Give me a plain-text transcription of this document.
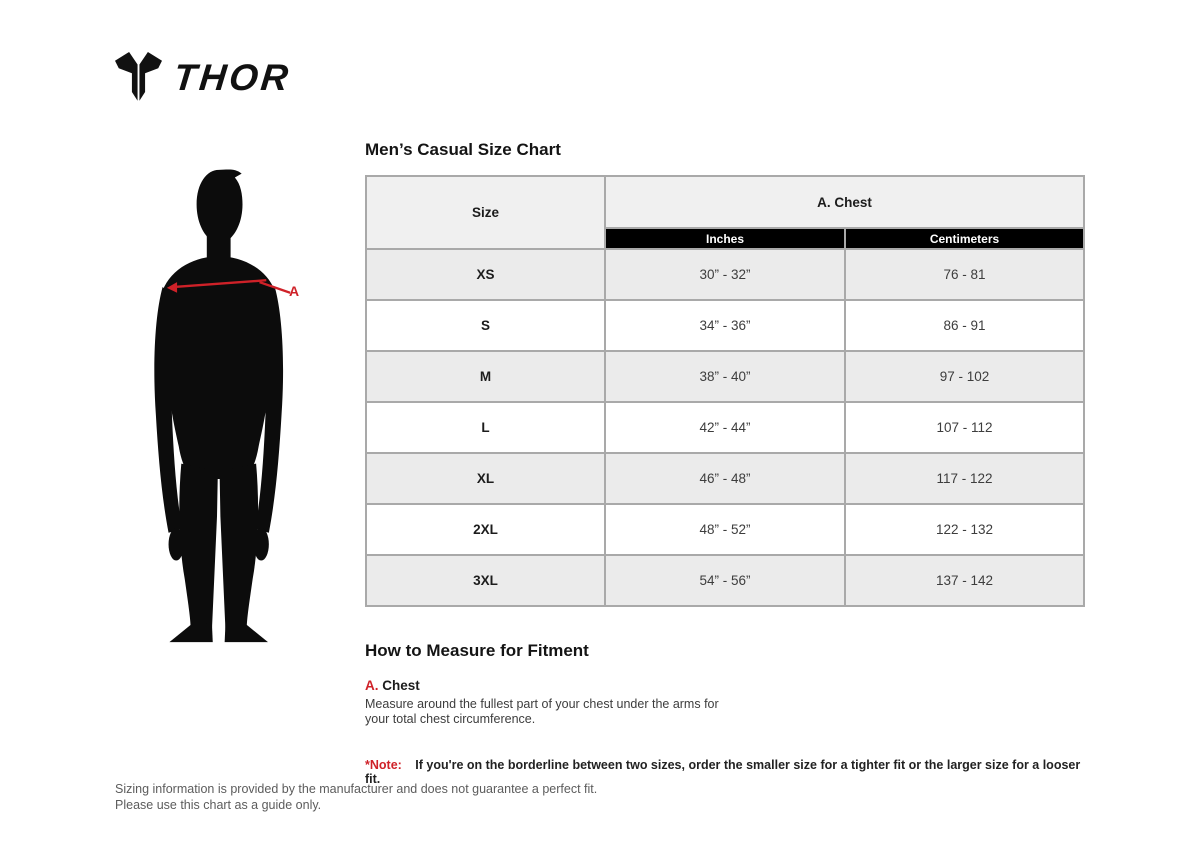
THOR
A
Men’s Casual Size Chart
Size	A. Chest	
	Inches	Centimeters
XS	30” - 32”	76 - 81
S	34” - 36”	86 - 91
M	38” - 40”	97 - 102
L	42” - 44”	107 - 112
XL	46” - 48”	117 - 122
2XL	48” - 52”	122 - 132
3XL	54” - 56”	137 - 142
How to Measure for Fitment
A. Chest
Measure around the fullest part of your chest under the arms for your total chest circumference.
*Note: If you're on the borderline between two sizes, order the smaller size for a tighter fit or the larger size for a looser fit.
Sizing information is provided by the manufacturer and does not guarantee a perfect fit.
Please use this chart as a guide only.
